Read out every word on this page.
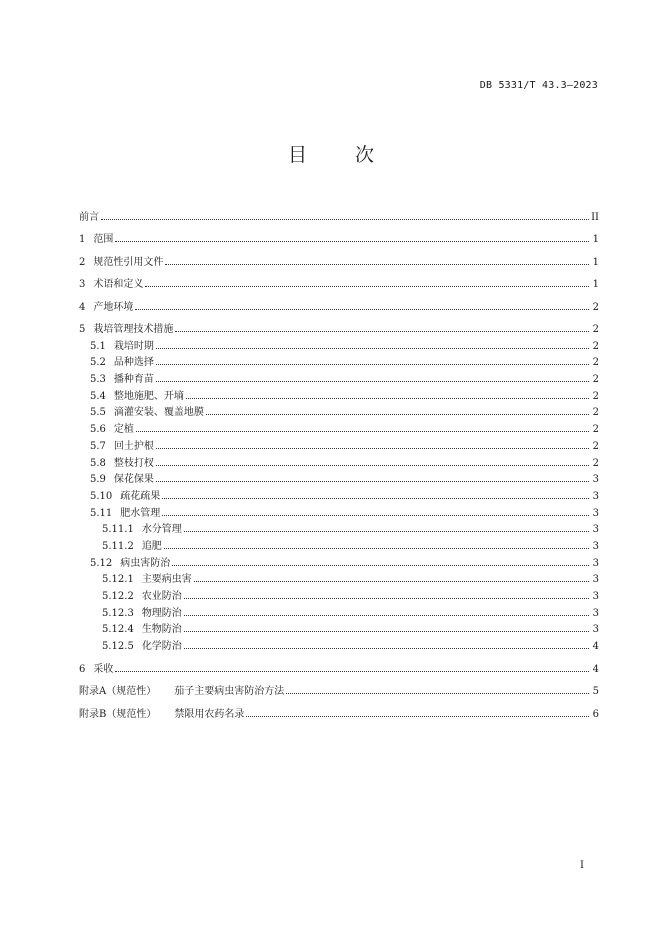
DB 5331/T 43.3—2023
目次
前言	II
1 范围	1
2 规范性引用文件	1
3 术语和定义	1
4 产地环境	2
5 栽培管理技术措施	2
5.1 栽培时期	2
5.2 品种选择	2
5.3 播种育苗	2
5.4 整地施肥、开墒	2
5.5 滴灌安装、覆盖地膜	2
5.6 定植	2
5.7 回土护根	2
5.8 整枝打杈	2
5.9 保花保果	3
5.10 疏花疏果	3
5.11 肥水管理	3
5.11.1 水分管理	3
5.11.2 追肥	3
5.12 病虫害防治	3
5.12.1 主要病虫害	3
5.12.2 农业防治	3
5.12.3 物理防治	3
5.12.4 生物防治	3
5.12.5 化学防治	4
6 采收	4
附录A（规范性） 茄子主要病虫害防治方法	5
附录B（规范性） 禁限用农药名录	6
I
